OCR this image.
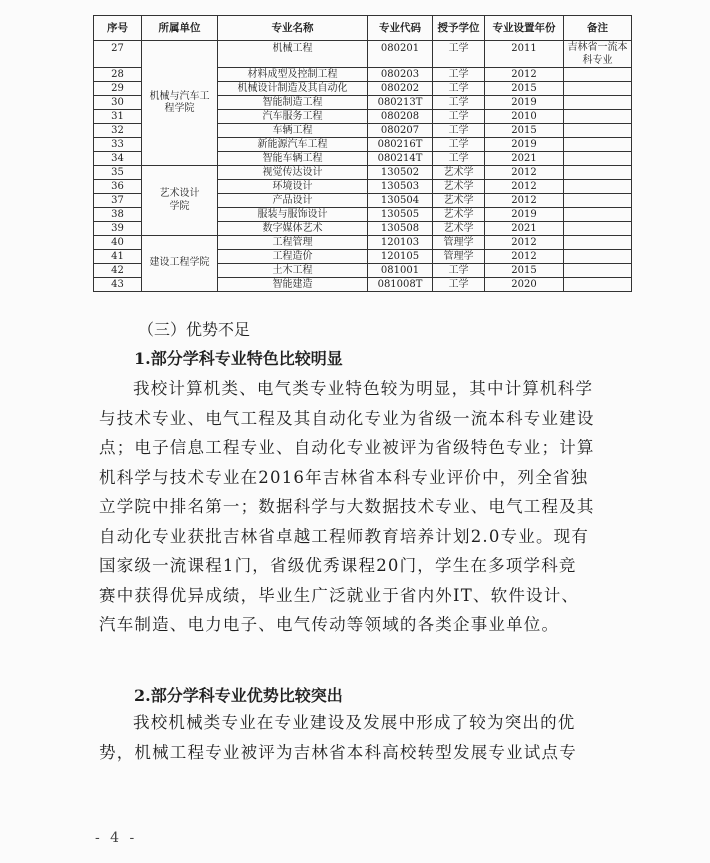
序号	所属单位	专业名称	专业代码	授予学位	专业设置年份	备注
27	机械与汽车工程学院	机械工程	080201	工学	2011	吉林省一流本科专业
28		材料成型及控制工程	080203	工学	2012	
29		机械设计制造及其自动化	080202	工学	2015	
30		智能制造工程	080213T	工学	2019	
31		汽车服务工程	080208	工学	2010	
32		车辆工程	080207	工学	2015	
33		新能源汽车工程	080216T	工学	2019	
34		智能车辆工程	080214T	工学	2021	
35	艺术设计学院	视觉传达设计	130502	艺术学	2012	
36		环境设计	130503	艺术学	2012	
37		产品设计	130504	艺术学	2012	
38		服装与服饰设计	130505	艺术学	2019	
39		数字媒体艺术	130508	艺术学	2021	
40	建设工程学院	工程管理	120103	管理学	2012	
41		工程造价	120105	管理学	2012	
42		土木工程	081001	工学	2015	
43		智能建造	081008T	工学	2020	
（三）优势不足
1.部分学科专业特色比较明显

我校计算机类、电气类专业特色较为明显，其中计算机科学

与技术专业、电气工程及其自动化专业为省级一流本科专业建设

点；电子信息工程专业、自动化专业被评为省级特色专业；计算

机科学与技术专业在2016年吉林省本科专业评价中，列全省独

立学院中排名第一；数据科学与大数据技术专业、电气工程及其

自动化专业获批吉林省卓越工程师教育培养计划2.0专业。现有

国家级一流课程1门，省级优秀课程20门，学生在多项学科竞

赛中获得优异成绩，毕业生广泛就业于省内外IT、软件设计、

汽车制造、电力电子、电气传动等领域的各类企事业单位。

2.部分学科专业优势比较突出

我校机械类专业在专业建设及发展中形成了较为突出的优

势，机械工程专业被评为吉林省本科高校转型发展专业试点专

- 4 -
